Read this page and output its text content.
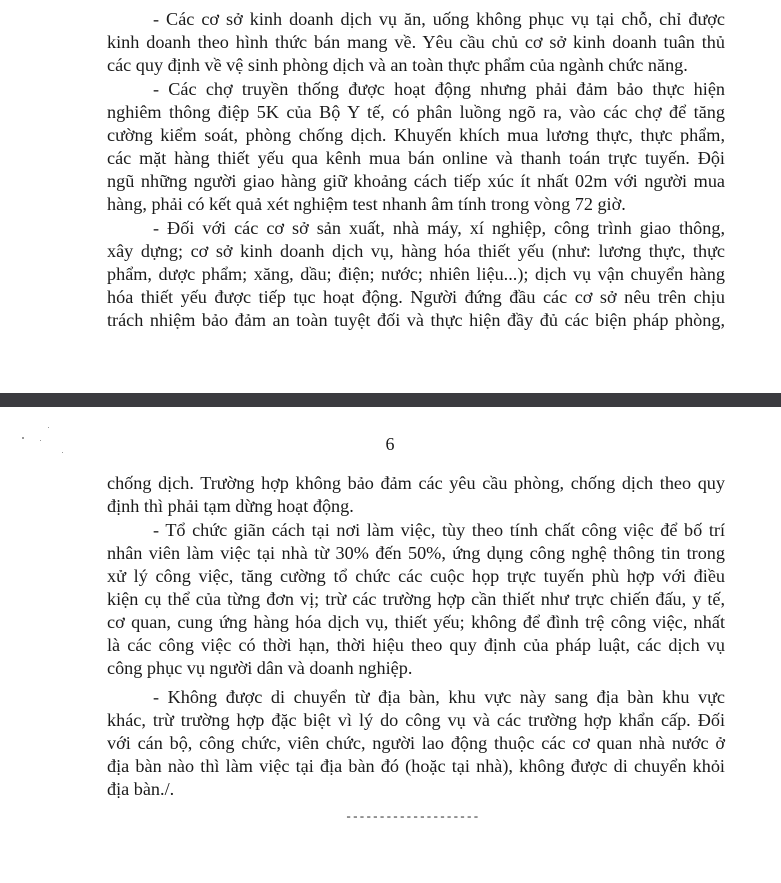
- Các cơ sở kinh doanh dịch vụ ăn, uống không phục vụ tại chỗ, chỉ được
kinh doanh theo hình thức bán mang về. Yêu cầu chủ cơ sở kinh doanh tuân thủ
các quy định về vệ sinh phòng dịch và an toàn thực phẩm của ngành chức năng.
- Các chợ truyền thống được hoạt động nhưng phải đảm bảo thực hiện
nghiêm thông điệp 5K của Bộ Y tế, có phân luồng ngõ ra, vào các chợ để tăng
cường kiểm soát, phòng chống dịch. Khuyến khích mua lương thực, thực phẩm,
các mặt hàng thiết yếu qua kênh mua bán online và thanh toán trực tuyến. Đội
ngũ những người giao hàng giữ khoảng cách tiếp xúc ít nhất 02m với người mua
hàng, phải có kết quả xét nghiệm test nhanh âm tính trong vòng 72 giờ.
- Đối với các cơ sở sản xuất, nhà máy, xí nghiệp, công trình giao thông,
xây dựng; cơ sở kinh doanh dịch vụ, hàng hóa thiết yếu (như: lương thực, thực
phẩm, dược phẩm; xăng, dầu; điện; nước; nhiên liệu...); dịch vụ vận chuyển hàng
hóa thiết yếu được tiếp tục hoạt động. Người đứng đầu các cơ sở nêu trên chịu
trách nhiệm bảo đảm an toàn tuyệt đối và thực hiện đầy đủ các biện pháp phòng,
6
chống dịch. Trường hợp không bảo đảm các yêu cầu phòng, chống dịch theo quy
định thì phải tạm dừng hoạt động.
- Tổ chức giãn cách tại nơi làm việc, tùy theo tính chất công việc để bố trí
nhân viên làm việc tại nhà từ 30% đến 50%, ứng dụng công nghệ thông tin trong
xử lý công việc, tăng cường tổ chức các cuộc họp trực tuyến phù hợp với điều
kiện cụ thể của từng đơn vị; trừ các trường hợp cần thiết như trực chiến đấu, y tế,
cơ quan, cung ứng hàng hóa dịch vụ, thiết yếu; không để đình trệ công việc, nhất
là các công việc có thời hạn, thời hiệu theo quy định của pháp luật, các dịch vụ
công phục vụ người dân và doanh nghiệp.
- Không được di chuyển từ địa bàn, khu vực này sang địa bàn khu vực
khác, trừ trường hợp đặc biệt vì lý do công vụ và các trường hợp khẩn cấp. Đối
với cán bộ, công chức, viên chức, người lao động thuộc các cơ quan nhà nước ở
địa bàn nào thì làm việc tại địa bàn đó (hoặc tại nhà), không được di chuyển khỏi
địa bàn./.
--------------------
